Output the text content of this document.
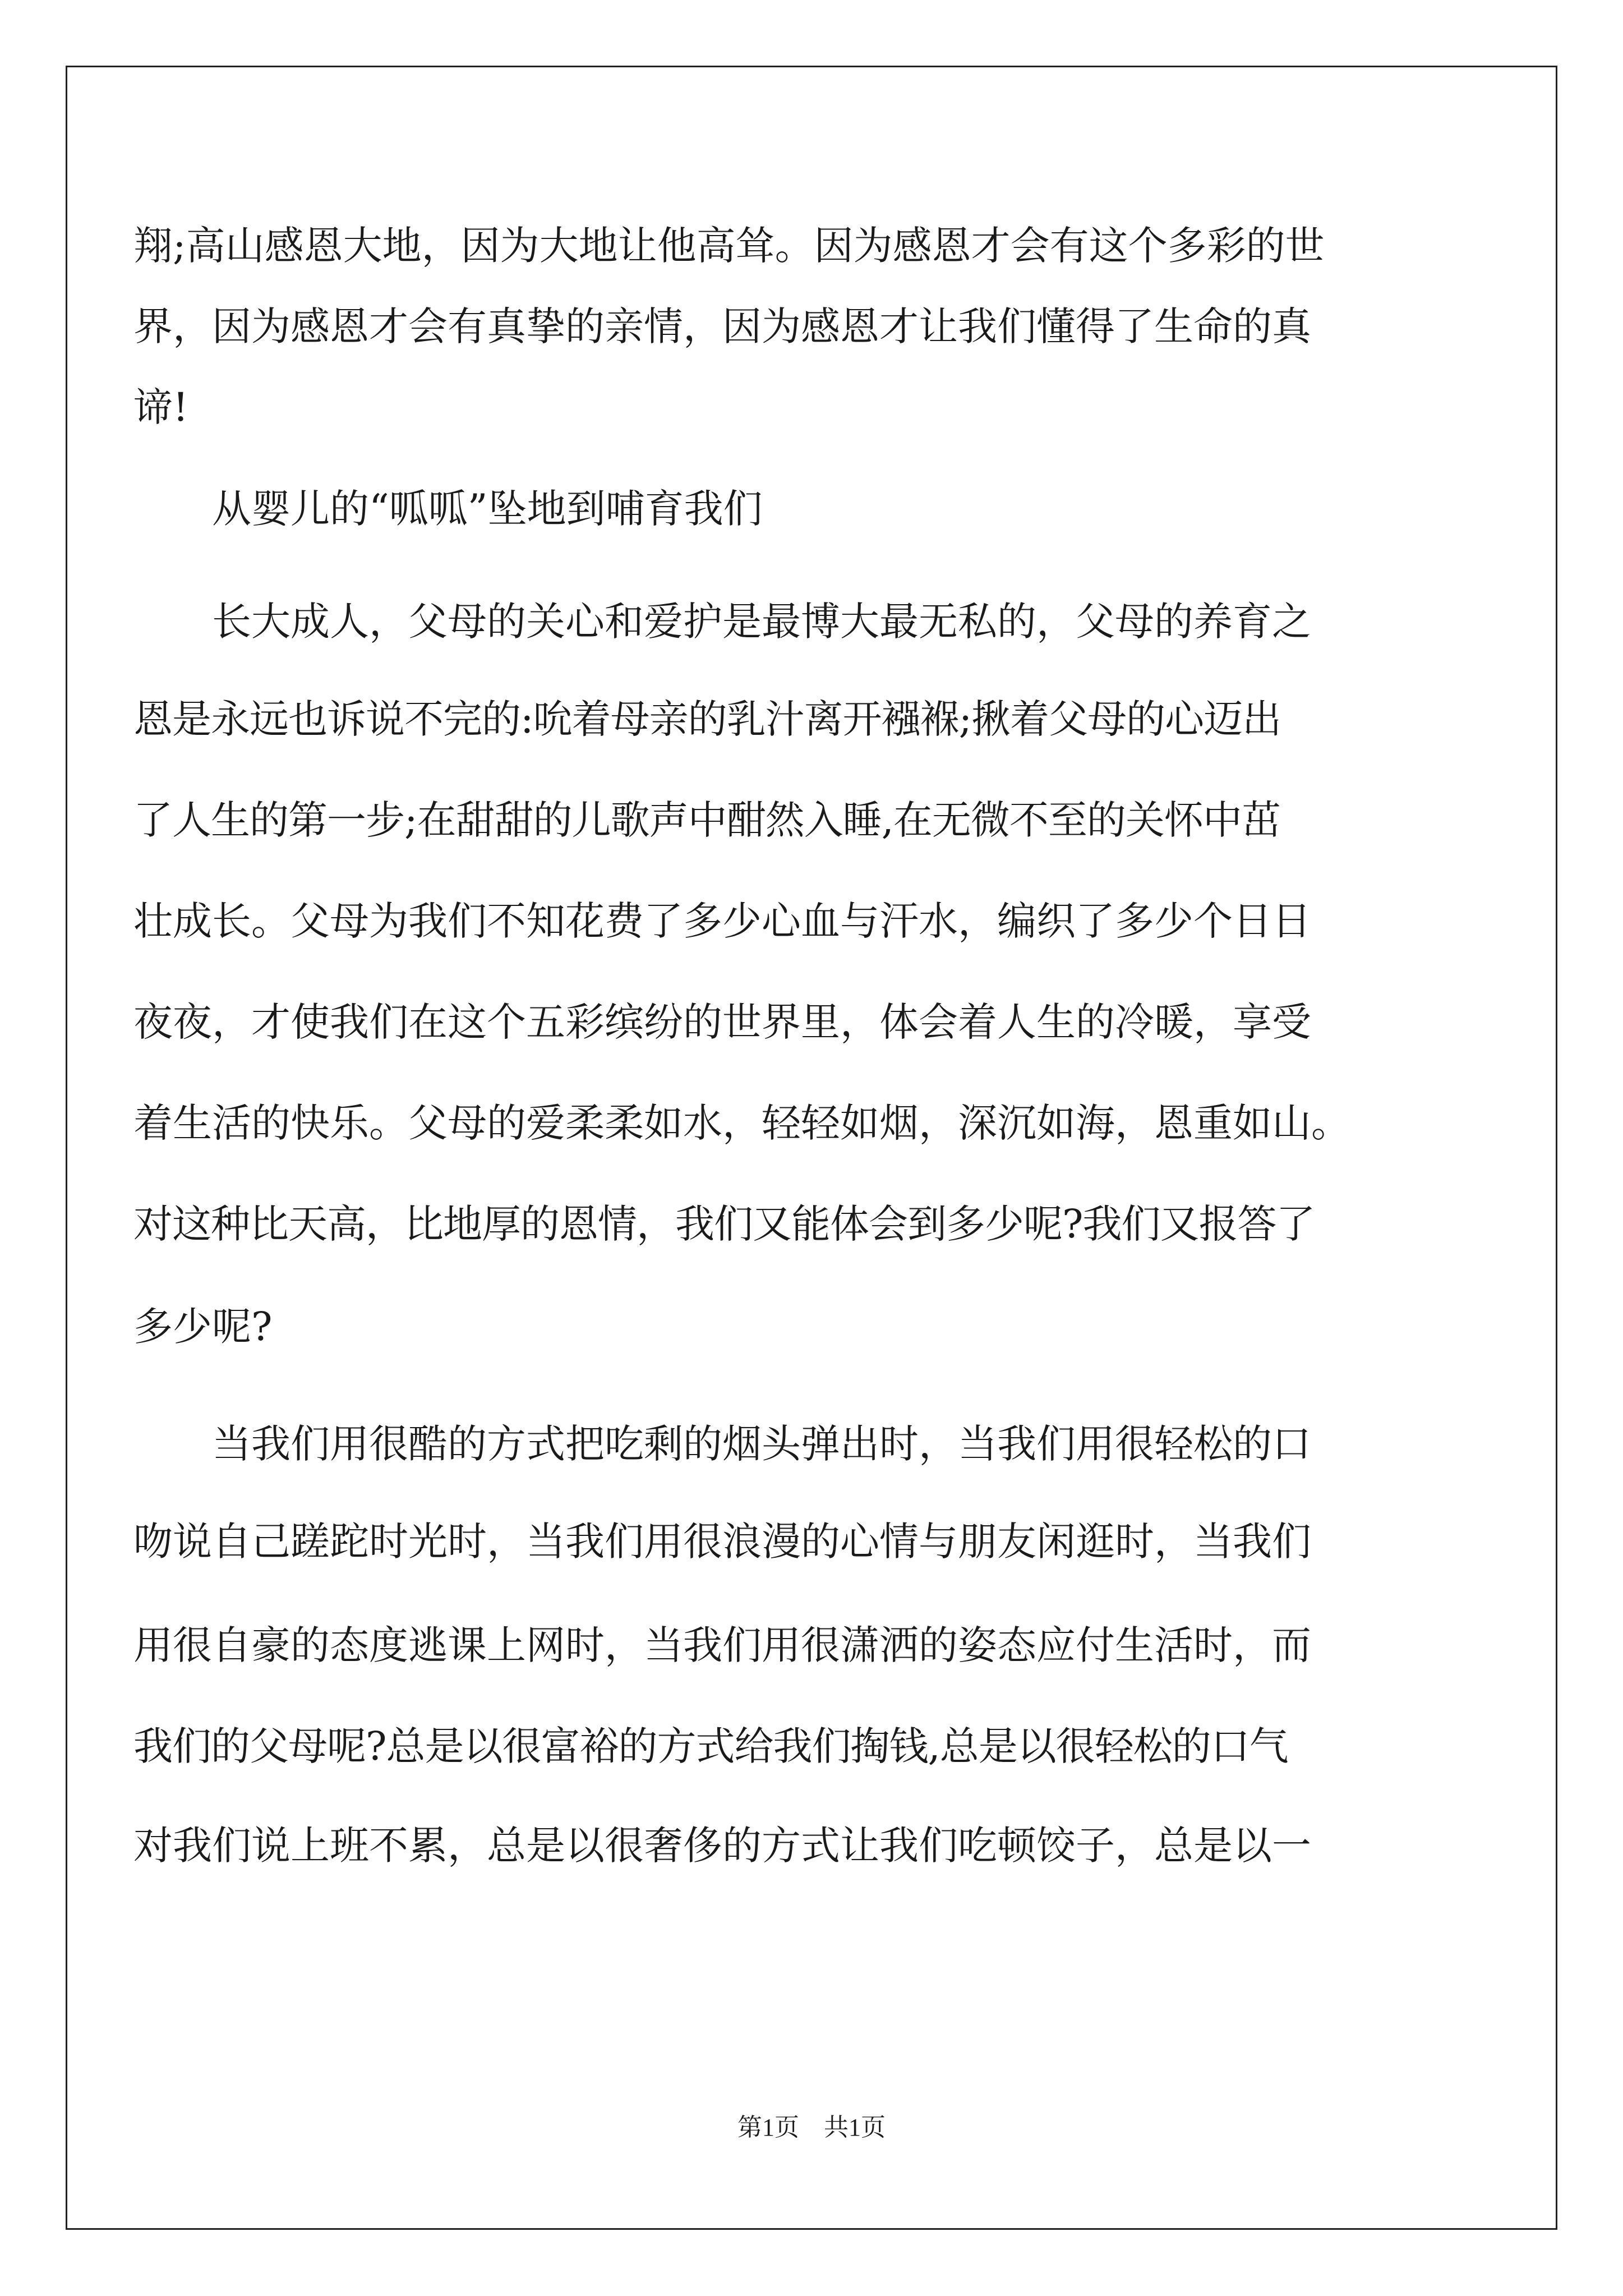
翔;高山感恩大地，因为大地让他高耸。因为感恩才会有这个多彩的世
界，因为感恩才会有真挚的亲情，因为感恩才让我们懂得了生命的真
谛!
从婴儿的“呱呱”坠地到哺育我们
长大成人，父母的关心和爱护是最博大最无私的，父母的养育之
恩是永远也诉说不完的:吮着母亲的乳汁离开襁褓;揪着父母的心迈出
了人生的第一步;在甜甜的儿歌声中酣然入睡,在无微不至的关怀中茁
壮成长。父母为我们不知花费了多少心血与汗水，编织了多少个日日
夜夜，才使我们在这个五彩缤纷的世界里，体会着人生的冷暖，享受
着生活的快乐。父母的爱柔柔如水，轻轻如烟，深沉如海，恩重如山。
对这种比天高，比地厚的恩情，我们又能体会到多少呢?我们又报答了
多少呢?
当我们用很酷的方式把吃剩的烟头弹出时，当我们用很轻松的口
吻说自己蹉跎时光时，当我们用很浪漫的心情与朋友闲逛时，当我们
用很自豪的态度逃课上网时，当我们用很潇洒的姿态应付生活时，而
我们的父母呢?总是以很富裕的方式给我们掏钱,总是以很轻松的口气
对我们说上班不累，总是以很奢侈的方式让我们吃顿饺子，总是以一
第1页　共1页
